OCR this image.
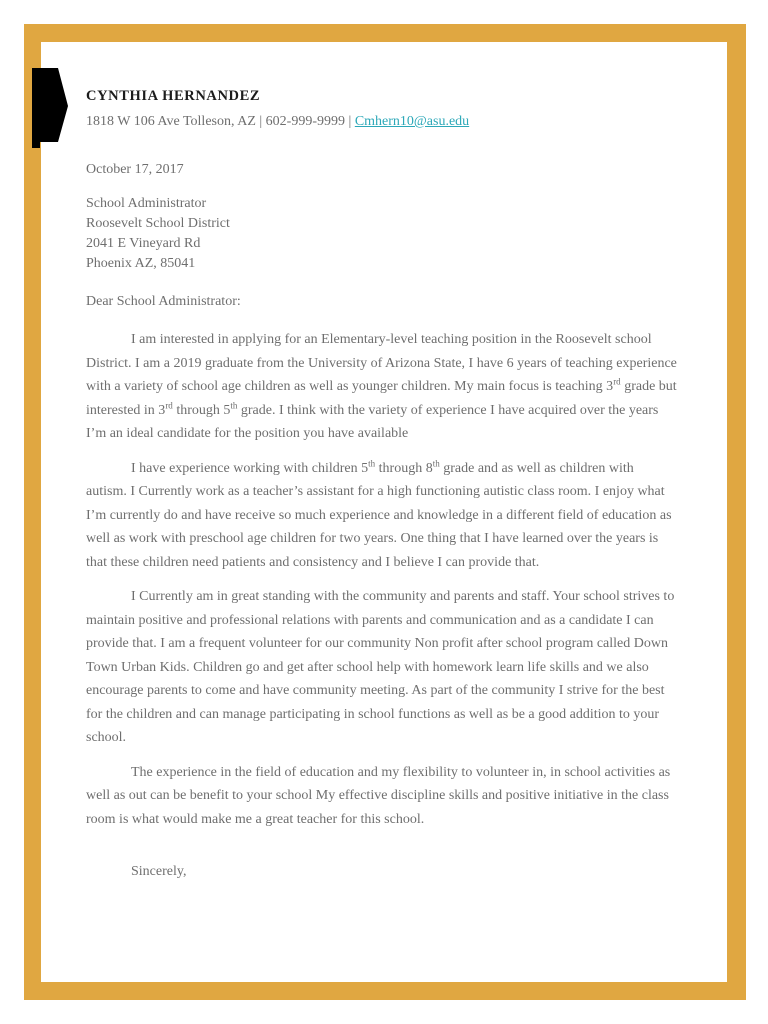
CYNTHIA HERNANDEZ
1818 W 106 Ave Tolleson, AZ | 602-999-9999 | Cmhern10@asu.edu
October 17, 2017
School Administrator
Roosevelt School District
2041 E Vineyard Rd
Phoenix AZ, 85041
Dear School Administrator:

I am interested in applying for an Elementary-level teaching position in the Roosevelt school District. I am a 2019 graduate from the University of Arizona State, I have 6 years of teaching experience with a variety of school age children as well as younger children. My main focus is teaching 3rd grade but interested in 3rd through 5th grade. I think with the variety of experience I have acquired over the years I’m an ideal candidate for the position you have available

I have experience working with children 5th through 8th grade and as well as children with autism. I Currently work as a teacher’s assistant for a high functioning autistic class room. I enjoy what I’m currently do and have receive so much experience and knowledge in a different field of education as well as work with preschool age children for two years. One thing that I have learned over the years is that these children need patients and consistency and I believe I can provide that.

I Currently am in great standing with the community and parents and staff. Your school strives to maintain positive and professional relations with parents and communication and as a candidate I can provide that. I am a frequent volunteer for our community Non profit after school program called Down Town Urban Kids. Children go and get after school help with homework learn life skills and we also encourage parents to come and have community meeting. As part of the community I strive for the best for the children and can manage participating in school functions as well as be a good addition to your school.

The experience in the field of education and my flexibility to volunteer in, in school activities as well as out can be benefit to your school My effective discipline skills and positive initiative in the class room is what would make me a great teacher for this school.

Sincerely,
